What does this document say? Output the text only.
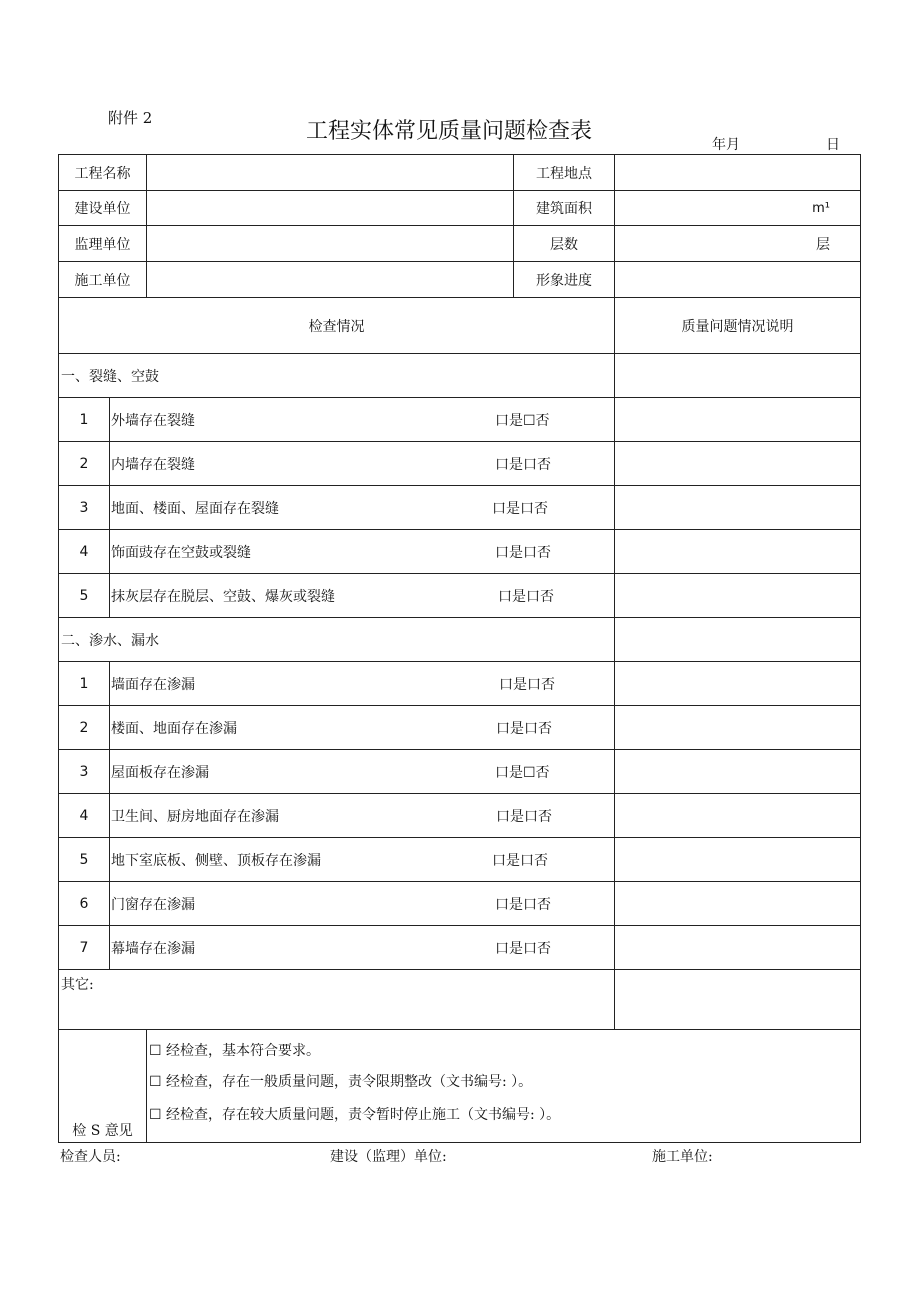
附件 2
工程实体常见质量问题检查表
年月	日
工程名称			工程地点	
建设单位			建筑面积	m¹
监理单位			层数	层
施工单位			形象进度	
检查情况				质量问题情况说明
一、裂缝、空鼓				
1	外墙存在裂缝 口是☐否			

2	内墙存在裂缝 口是口否			

3	地面、楼面、屋面存在裂缝 口是口否			

4	饰面豉存在空鼓或裂缝 口是口否			

5	抹灰层存在脱层、空鼓、爆灰或裂缝 口是口否			

二、渗水、漏水				
1	墙面存在渗漏 口是口否			

2	楼面、地面存在渗漏 口是口否			

3	屋面板存在渗漏 口是☐否			

4	卫生间、厨房地面存在渗漏 口是口否			

5	地下室底板、侧壁、顶板存在渗漏 口是口否			

6	门窗存在渗漏 口是口否			

7	幕墙存在渗漏 口是口否			

其它:				
检 S 意见		☐ 经检查，基本符合要求。
☐ 经检查，存在一般质量问题，责令限期整改（文书编号: ）。
☐ 经检查，存在较大质量问题，责令暂时停止施工（文书编号: ）。		
检查人员:	建设（监理）单位:	施工单位:
